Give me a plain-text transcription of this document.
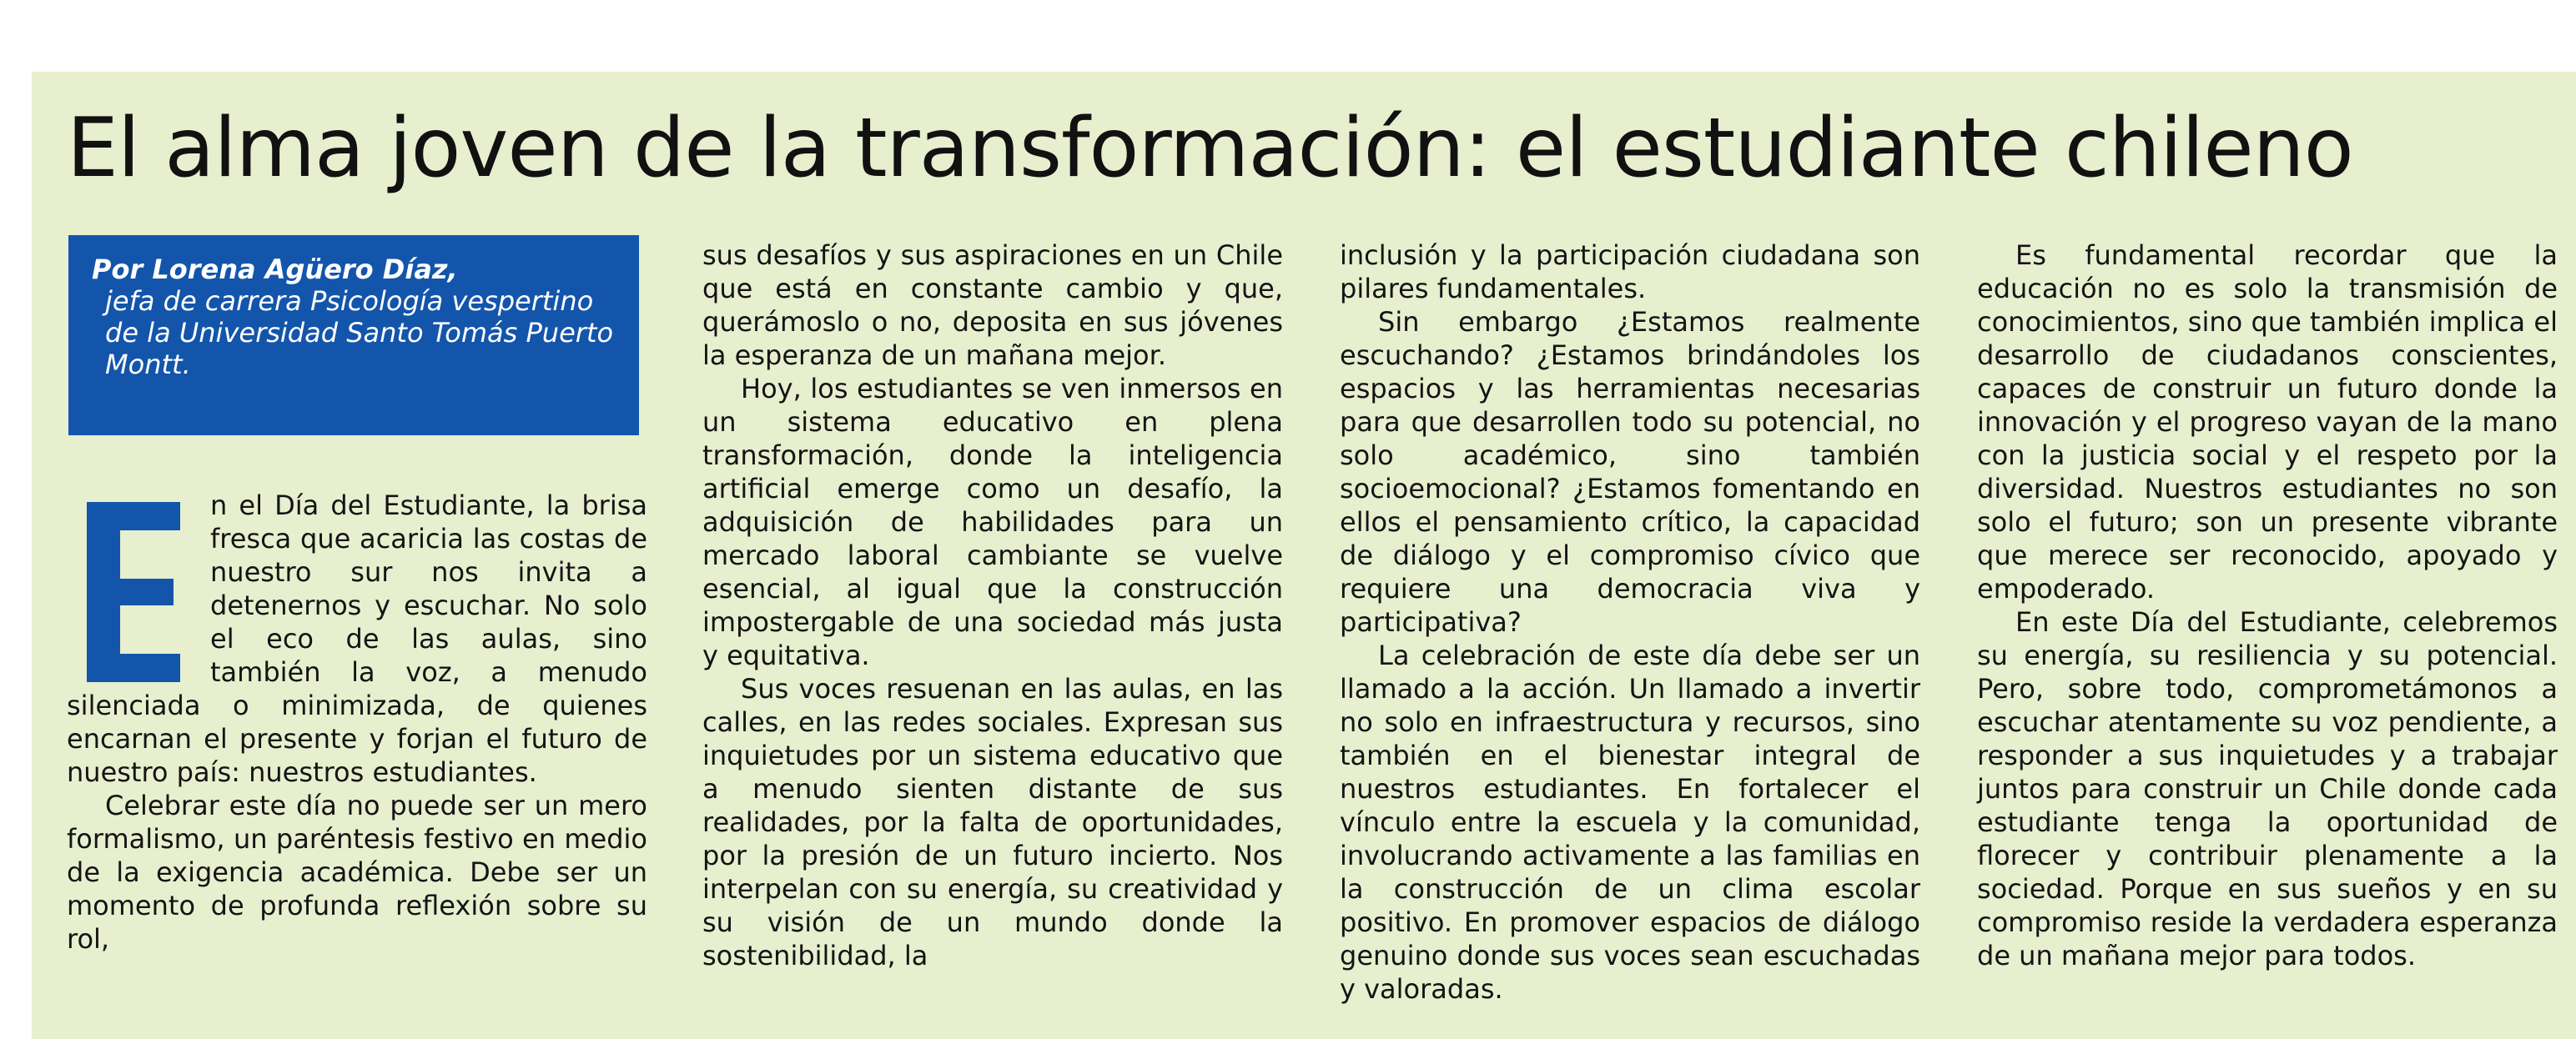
El alma joven de la transformación: el estudiante chileno
Por Lorena Agüero Díaz,
jefa de carrera Psicología vespertino de la Universidad Santo Tomás Puerto Montt.

n el Día del Estudiante, la brisa fresca que acaricia las costas de nuestro sur nos invita a detenernos y escuchar. No solo el eco de las aulas, sino también la voz, a menudo silenciada o minimizada, de quienes encarnan el presente y forjan el futuro de nuestro país: nuestros estudiantes.

Celebrar este día no puede ser un mero formalismo, un paréntesis festivo en medio de la exigencia académica. Debe ser un momento de profunda reflexión sobre su rol,

sus desafíos y sus aspiraciones en un Chile que está en constante cambio y que, querámoslo o no, deposita en sus jóvenes la esperanza de un mañana mejor.

Hoy, los estudiantes se ven inmersos en un sistema educativo en plena transformación, donde la inteligencia artificial emerge como un desafío, la adquisición de habilidades para un mercado laboral cambiante se vuelve esencial, al igual que la construcción impostergable de una sociedad más justa y equitativa.

Sus voces resuenan en las aulas, en las calles, en las redes sociales. Expresan sus inquietudes por un sistema educativo que a menudo sienten distante de sus realidades, por la falta de oportunidades, por la presión de un futuro incierto. Nos interpelan con su energía, su creatividad y su visión de un mundo donde la sostenibilidad, la

inclusión y la participación ciudadana son pilares fundamentales.

Sin embargo ¿Estamos realmente escuchando? ¿Estamos brindándoles los espacios y las herramientas necesarias para que desarrollen todo su potencial, no solo académico, sino también socioemocional? ¿Estamos fomentando en ellos el pensamiento crítico, la capacidad de diálogo y el compromiso cívico que requiere una democracia viva y participativa?

La celebración de este día debe ser un llamado a la acción. Un llamado a invertir no solo en infraestructura y recursos, sino también en el bienestar integral de nuestros estudiantes. En fortalecer el vínculo entre la escuela y la comunidad, involucrando activamente a las familias en la construcción de un clima escolar positivo. En promover espacios de diálogo genuino donde sus voces sean escuchadas y valoradas.

Es fundamental recordar que la educación no es solo la transmisión de conocimientos, sino que también implica el desarrollo de ciudadanos conscientes, capaces de construir un futuro donde la innovación y el progreso vayan de la mano con la justicia social y el respeto por la diversidad. Nuestros estudiantes no son solo el futuro; son un presente vibrante que merece ser reconocido, apoyado y empoderado.

En este Día del Estudiante, celebremos su energía, su resiliencia y su potencial. Pero, sobre todo, comprometámonos a escuchar atentamente su voz pendiente, a responder a sus inquietudes y a trabajar juntos para construir un Chile donde cada estudiante tenga la oportunidad de florecer y contribuir plenamente a la sociedad. Porque en sus sueños y en su compromiso reside la verdadera esperanza de un mañana mejor para todos.
